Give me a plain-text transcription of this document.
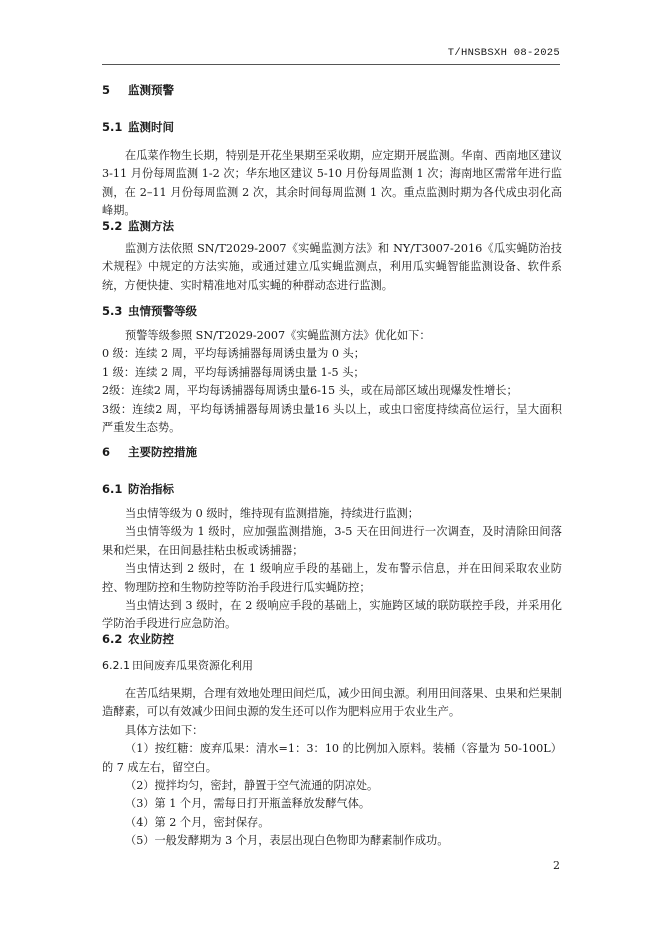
T/HNSBSXH 08-2025
5 监测预警
5.1 监测时间
在瓜菜作物生长期，特别是开花坐果期至采收期，应定期开展监测。华南、西南地区建议 3-11 月份每周监测 1-2 次；华东地区建议 5-10 月份每周监测 1 次；海南地区需常年进行监测，在 2–11 月份每周监测 2 次，其余时间每周监测 1 次。重点监测时期为各代成虫羽化高峰期。
5.2 监测方法
监测方法依照 SN/T2029-2007《实蝇监测方法》和 NY/T3007-2016《瓜实蝇防治技术规程》中规定的方法实施，或通过建立瓜实蝇监测点，利用瓜实蝇智能监测设备、软件系统，方便快捷、实时精准地对瓜实蝇的种群动态进行监测。
5.3 虫情预警等级
预警等级参照 SN/T2029-2007《实蝇监测方法》优化如下：
0 级：连续 2 周，平均每诱捕器每周诱虫量为 0 头；
1 级：连续 2 周，平均每诱捕器每周诱虫量 1-5 头；
2级：连续2 周，平均每诱捕器每周诱虫量6-15 头，或在局部区域出现爆发性增长；
3级：连续2 周，平均每诱捕器每周诱虫量16 头以上，或虫口密度持续高位运行，呈大面积严重发生态势。
6 主要防控措施
6.1 防治指标
当虫情等级为 0 级时，维持现有监测措施，持续进行监测；
当虫情等级为 1 级时，应加强监测措施，3-5 天在田间进行一次调查，及时清除田间落果和烂果，在田间悬挂粘虫板或诱捕器；
当虫情达到 2 级时，在 1 级响应手段的基础上，发布警示信息，并在田间采取农业防控、物理防控和生物防控等防治手段进行瓜实蝇防控；
当虫情达到 3 级时，在 2 级响应手段的基础上，实施跨区域的联防联控手段，并采用化学防治手段进行应急防治。
6.2 农业防控
6.2.1 田间废弃瓜果资源化利用
在苦瓜结果期，合理有效地处理田间烂瓜，减少田间虫源。利用田间落果、虫果和烂果制造酵素，可以有效减少田间虫源的发生还可以作为肥料应用于农业生产。
具体方法如下：
（1）按红糖：废弃瓜果：清水=1：3：10 的比例加入原料。装桶（容量为 50-100L）的 7 成左右，留空白。
（2）搅拌均匀，密封，静置于空气流通的阴凉处。
（3）第 1 个月，需每日打开瓶盖释放发酵气体。
（4）第 2 个月，密封保存。
（5）一般发酵期为 3 个月，表层出现白色物即为酵素制作成功。
2
